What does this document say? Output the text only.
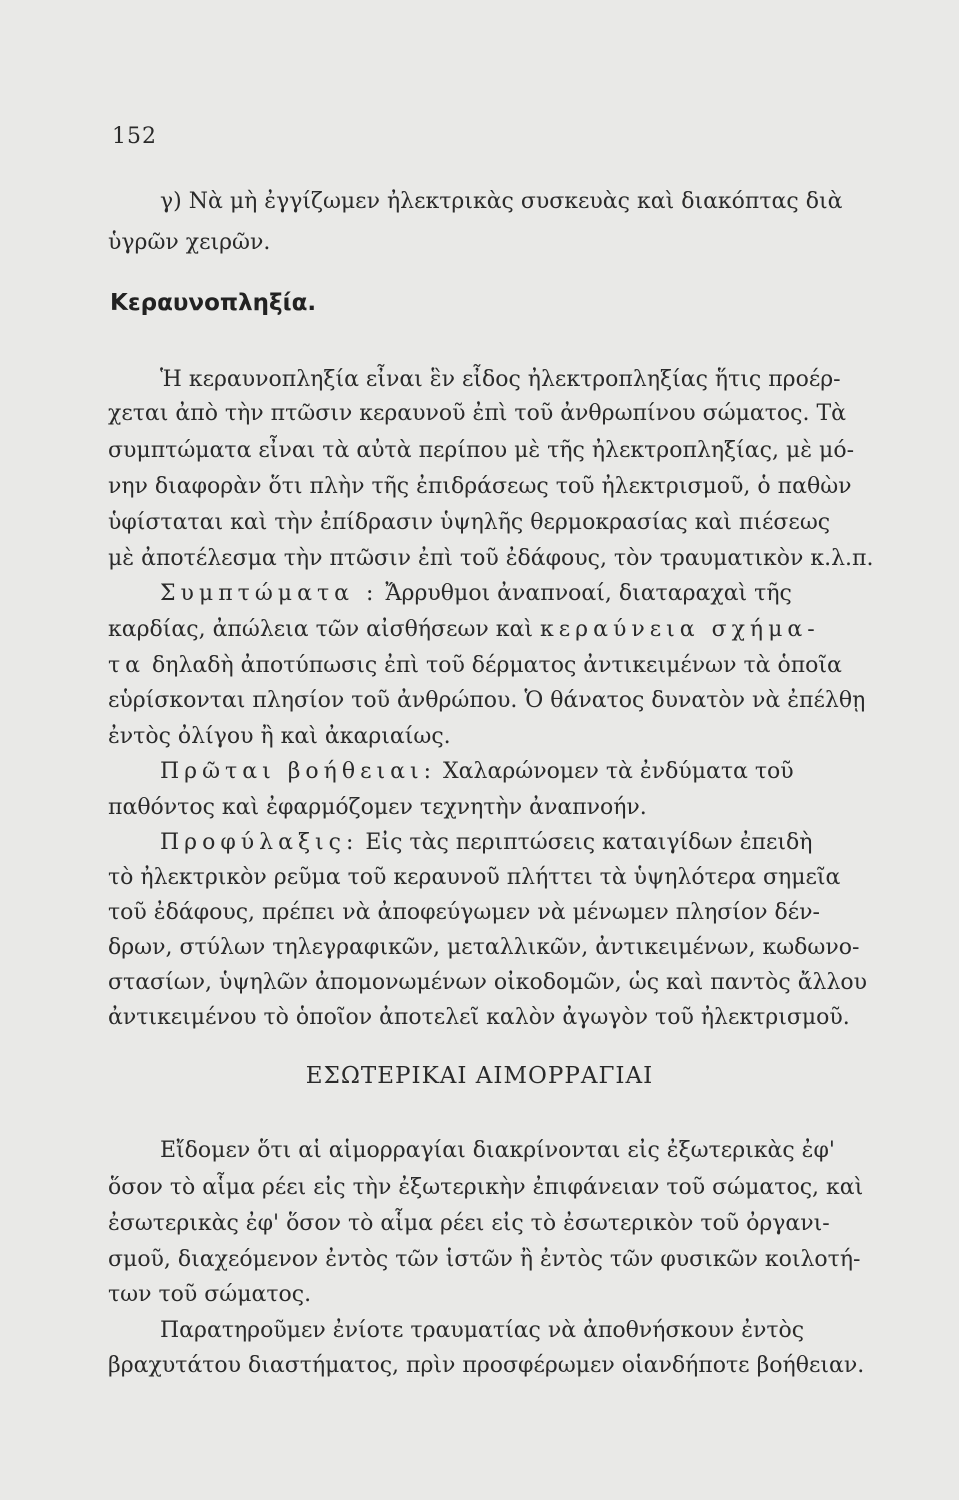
152
γ) Νὰ μὴ ἐγγίζωμεν ἠλεκτρικὰς συσκευὰς καὶ διακόπτας διὰ
ὑγρῶν χειρῶν.
Κεραυνοπληξία.
Ἡ κεραυνοπληξία εἶναι ἓν εἶδος ἠλεκτροπληξίας ἥτις προέρ-
χεται ἀπὸ τὴν πτῶσιν κεραυνοῦ ἐπὶ τοῦ ἀνθρωπίνου σώματος. Τὰ
συμπτώματα εἶναι τὰ αὐτὰ περίπου μὲ τῆς ἠλεκτροπληξίας, μὲ μό-
νην διαφορὰν ὅτι πλὴν τῆς ἐπιδράσεως τοῦ ἠλεκτρισμοῦ, ὁ παθὼν
ὑφίσταται καὶ τὴν ἐπίδρασιν ὑψηλῆς θερμοκρασίας καὶ πιέσεως
μὲ ἀποτέλεσμα τὴν πτῶσιν ἐπὶ τοῦ ἐδάφους, τὸν τραυματικὸν κ.λ.π.
Συμπτώματα : Ἄρρυθμοι ἀναπνοαί, διαταραχαὶ τῆς
καρδίας, ἀπώλεια τῶν αἰσθήσεων καὶ κεραύνεια σχήμα-
τα δηλαδὴ ἀποτύπωσις ἐπὶ τοῦ δέρματος ἀντικειμένων τὰ ὁποῖα
εὑρίσκονται πλησίον τοῦ ἀνθρώπου. Ὁ θάνατος δυνατὸν νὰ ἐπέλθῃ
ἐντὸς ὀλίγου ἢ καὶ ἀκαριαίως.
Πρῶται βοήθειαι: Χαλαρώνομεν τὰ ἐνδύματα τοῦ
παθόντος καὶ ἐφαρμόζομεν τεχνητὴν ἀναπνοήν.
Προφύλαξις: Εἰς τὰς περιπτώσεις καταιγίδων ἐπειδὴ
τὸ ἠλεκτρικὸν ρεῦμα τοῦ κεραυνοῦ πλήττει τὰ ὑψηλότερα σημεῖα
τοῦ ἐδάφους, πρέπει νὰ ἀποφεύγωμεν νὰ μένωμεν πλησίον δέν-
δρων, στύλων τηλεγραφικῶν, μεταλλικῶν, ἀντικειμένων, κωδωνο-
στασίων, ὑψηλῶν ἀπομονωμένων οἰκοδομῶν, ὡς καὶ παντὸς ἄλλου
ἀντικειμένου τὸ ὁποῖον ἀποτελεῖ καλὸν ἀγωγὸν τοῦ ἠλεκτρισμοῦ.
ΕΣΩΤΕΡΙΚΑΙ ΑΙΜΟΡΡΑΓΙΑΙ
Εἴδομεν ὅτι αἱ αἱμορραγίαι διακρίνονται εἰς ἐξωτερικὰς ἐφ'
ὅσον τὸ αἷμα ρέει εἰς τὴν ἐξωτερικὴν ἐπιφάνειαν τοῦ σώματος, καὶ
ἐσωτερικὰς ἐφ' ὅσον τὸ αἷμα ρέει εἰς τὸ ἐσωτερικὸν τοῦ ὀργανι-
σμοῦ, διαχεόμενον ἐντὸς τῶν ἱστῶν ἢ ἐντὸς τῶν φυσικῶν κοιλοτή-
των τοῦ σώματος.
Παρατηροῦμεν ἐνίοτε τραυματίας νὰ ἀποθνήσκουν ἐντὸς
βραχυτάτου διαστήματος, πρὶν προσφέρωμεν οἱανδήποτε βοήθειαν.
